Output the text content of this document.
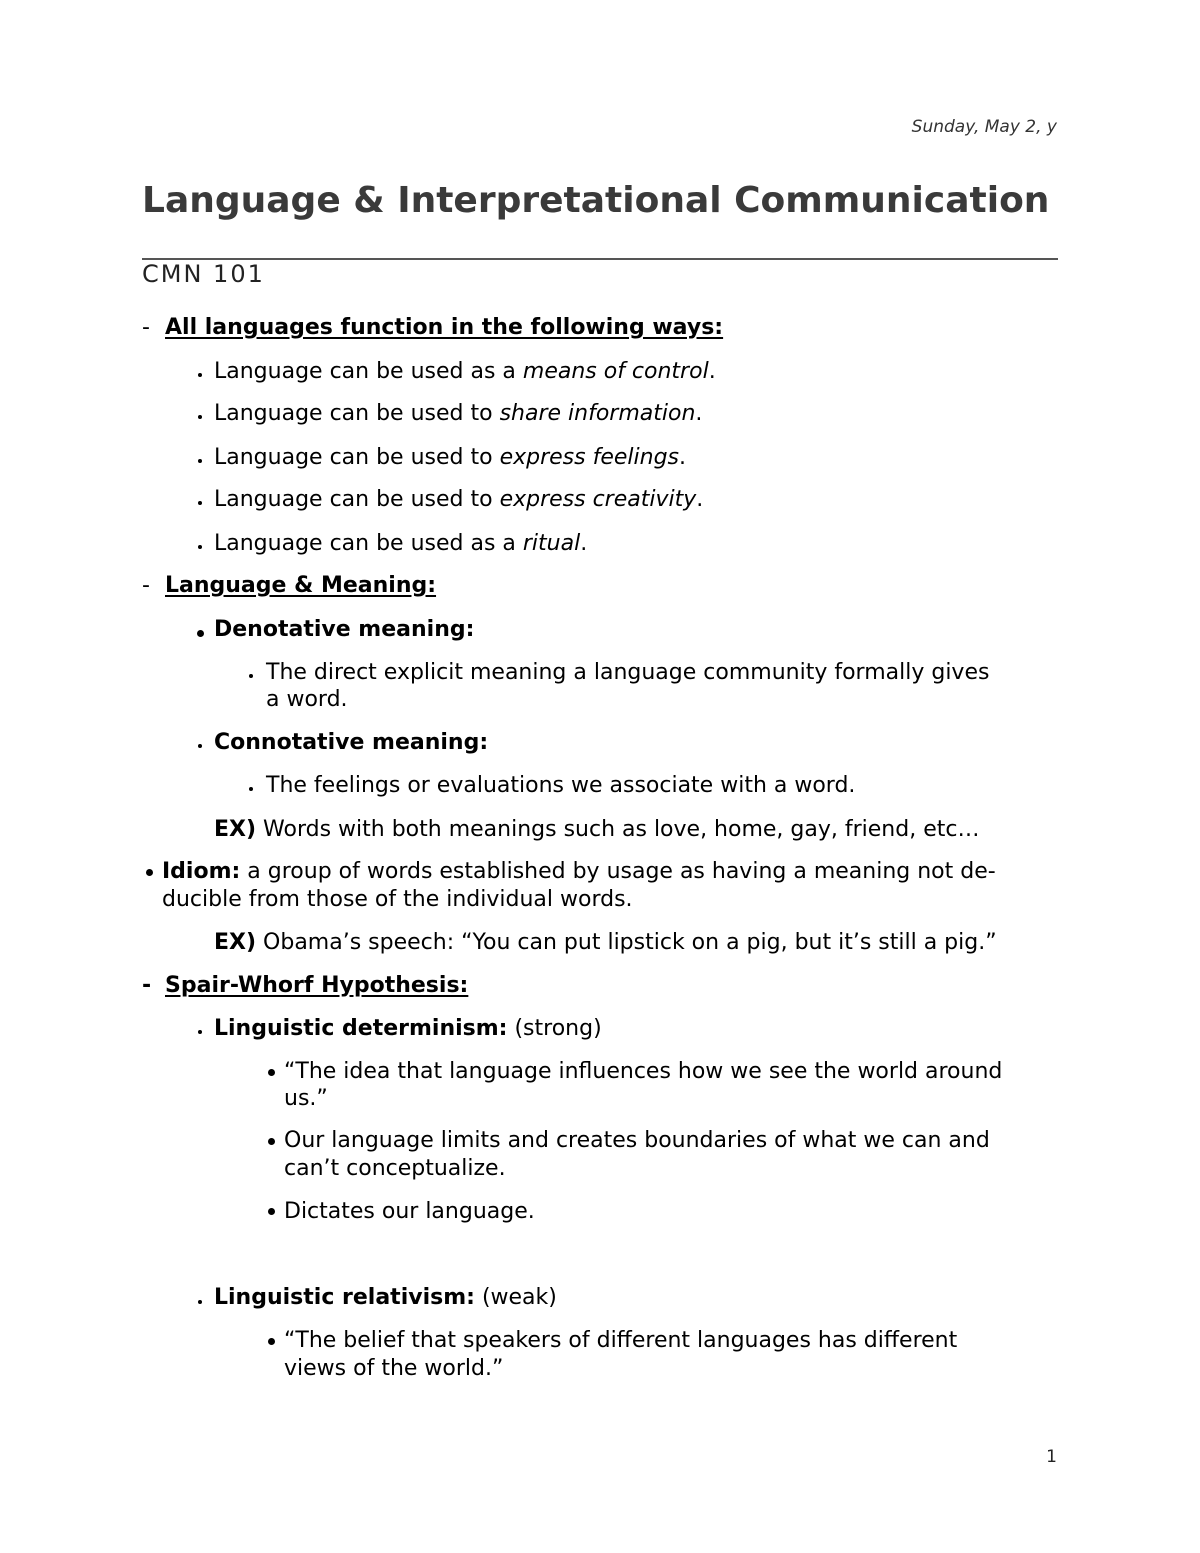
Sunday, May 2, y
Language & Interpretational Communication
CMN 101
- All languages function in the following ways:
Language can be used as a means of control.
Language can be used to share information.
Language can be used to express feelings.
Language can be used to express creativity.
Language can be used as a ritual.
- Language & Meaning:
Denotative meaning:
The direct explicit meaning a language community formally gives
a word.
Connotative meaning:
The feelings or evaluations we associate with a word.
EX) Words with both meanings such as love, home, gay, friend, etc…
Idiom: a group of words established by usage as having a meaning not de-
ducible from those of the individual words.
EX) Obama’s speech: “You can put lipstick on a pig, but it’s still a pig.”
- Spair-Whorf Hypothesis:
Linguistic determinism: (strong)
“The idea that language influences how we see the world around
us.”
Our language limits and creates boundaries of what we can and
can’t conceptualize.
Dictates our language.
Linguistic relativism: (weak)
“The belief that speakers of different languages has different
views of the world.”
1
